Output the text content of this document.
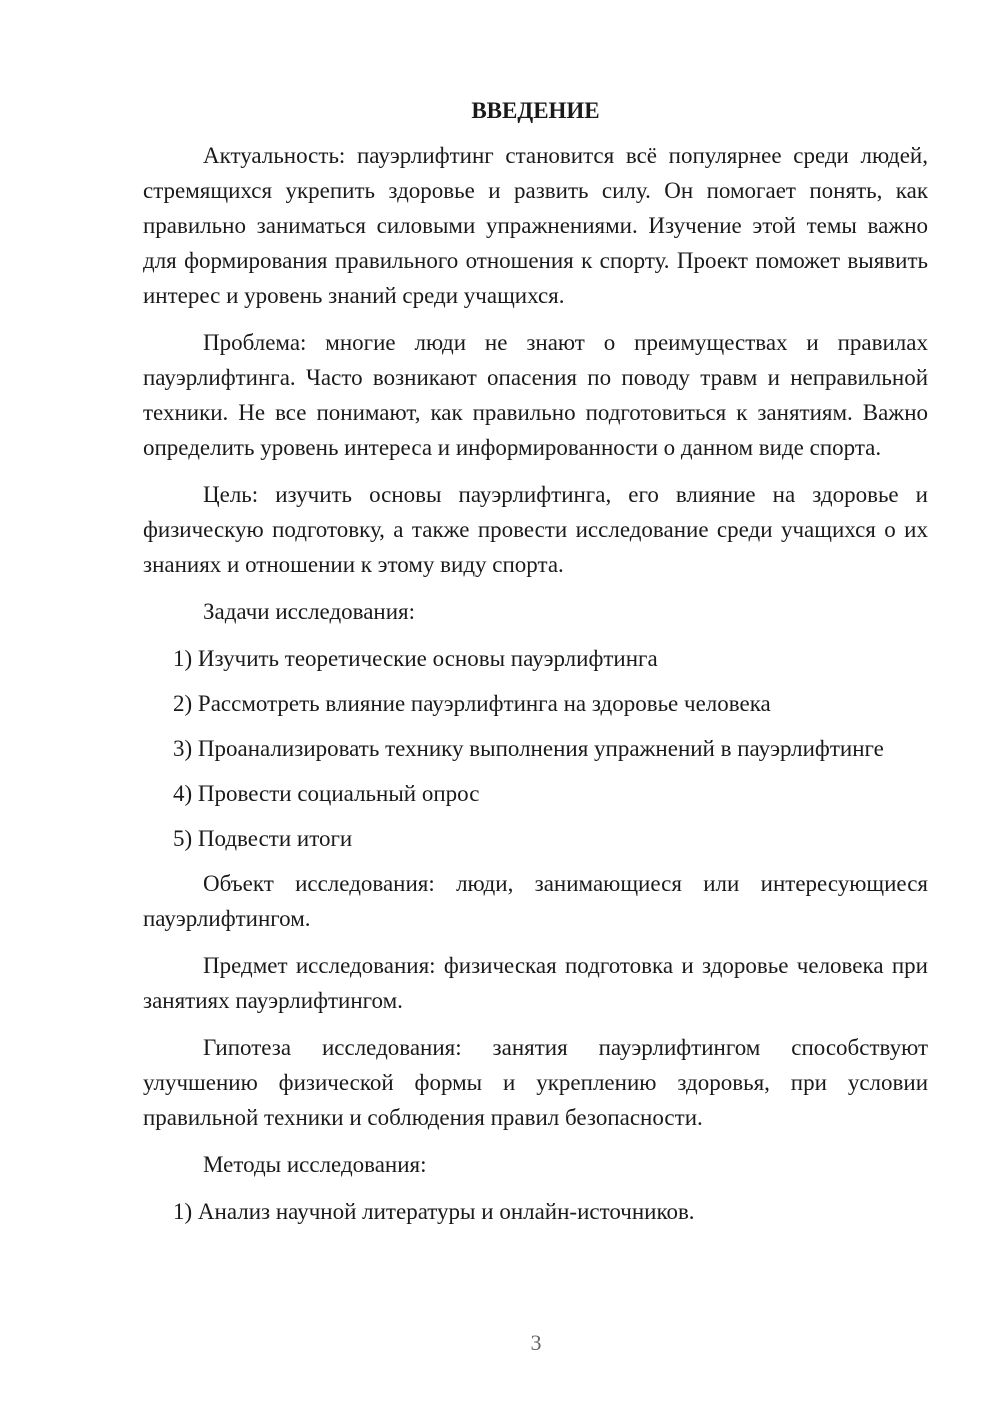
ВВЕДЕНИЕ

Актуальность: пауэрлифтинг становится всё популярнее среди людей, стремящихся укрепить здоровье и развить силу. Он помогает понять, как правильно заниматься силовыми упражнениями. Изучение этой темы важно для формирования правильного отношения к спорту. Проект поможет выявить интерес и уровень знаний среди учащихся.

Проблема: многие люди не знают о преимуществах и правилах пауэрлифтинга. Часто возникают опасения по поводу травм и неправильной техники. Не все понимают, как правильно подготовиться к занятиям. Важно определить уровень интереса и информированности о данном виде спорта.

Цель: изучить основы пауэрлифтинга, его влияние на здоровье и физическую подготовку, а также провести исследование среди учащихся о их знаниях и отношении к этому виду спорта.

Задачи исследования:

1) Изучить теоретические основы пауэрлифтинга

2) Рассмотреть влияние пауэрлифтинга на здоровье человека

3) Проанализировать технику выполнения упражнений в пауэрлифтинге

4) Провести социальный опрос

5) Подвести итоги

Объект исследования: люди, занимающиеся или интересующиеся пауэрлифтингом.

Предмет исследования: физическая подготовка и здоровье человека при занятиях пауэрлифтингом.

Гипотеза исследования: занятия пауэрлифтингом способствуют улучшению физической формы и укреплению здоровья, при условии правильной техники и соблюдения правил безопасности.

Методы исследования:

1) Анализ научной литературы и онлайн-источников.

3
